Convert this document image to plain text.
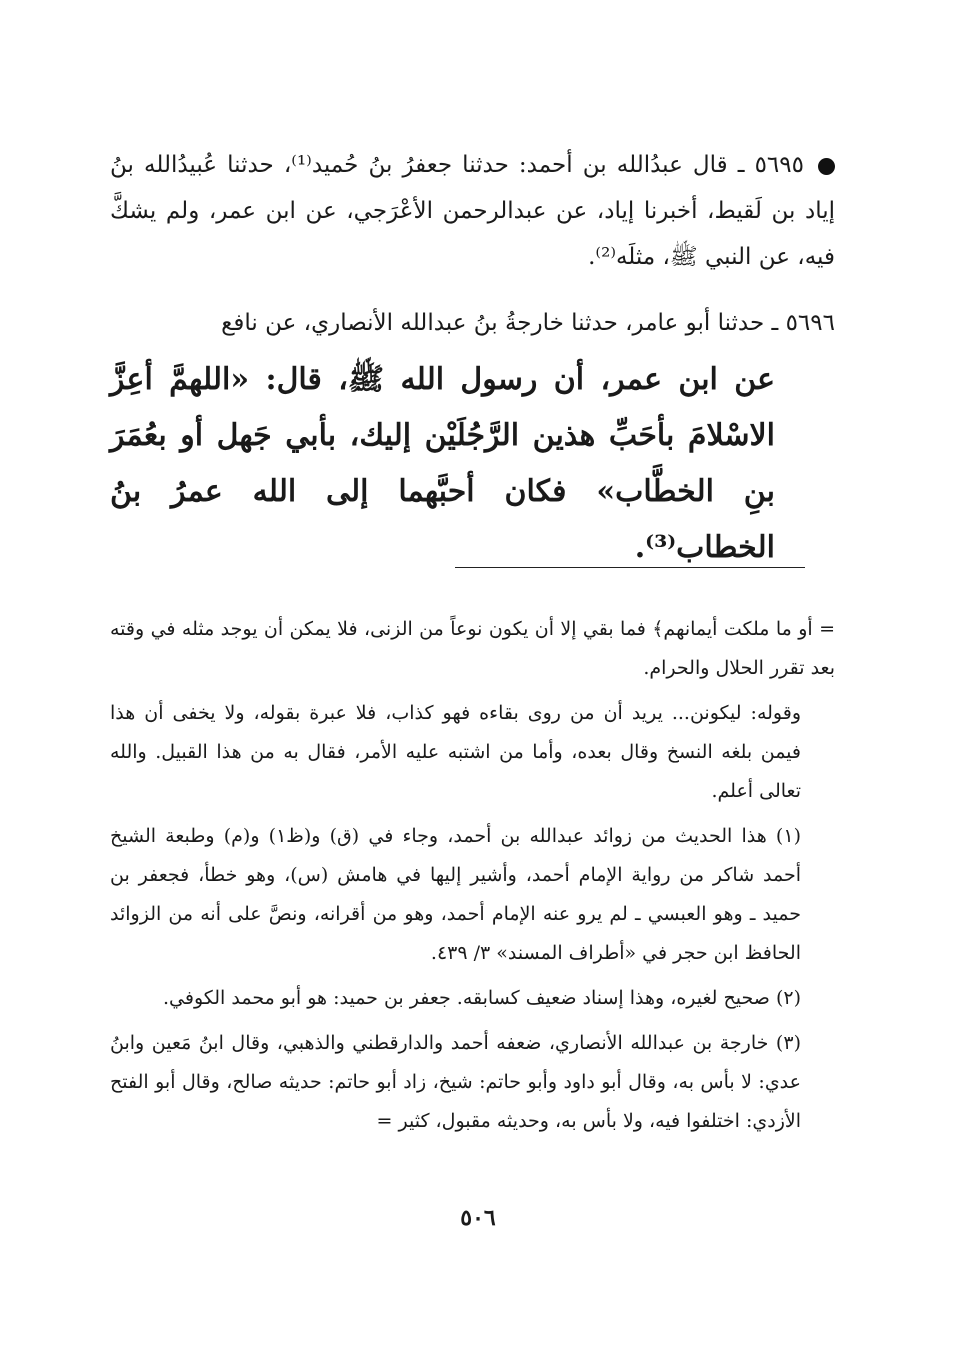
٥٦٩٥ ـ قال عبدُالله بن أحمد: حدثنا جعفرُ بنُ حُميد⁽¹⁾، حدثنا عُبيدُالله بنُ إياد بن لَقيط، أخبرنا إياد، عن عبدالرحمن الأعْرَجي، عن ابن عمر، ولم يشكَّ فيه، عن النبي ﷺ، مثلَه⁽²⁾.
٥٦٩٦ ـ حدثنا أبو عامر، حدثنا خارجةُ بنُ عبدالله الأنصاري، عن نافع
عن ابن عمر، أن رسول الله ﷺ، قال: «اللهمَّ أعِزَّ الاسْلامَ بأحَبِّ هذين الرَّجُلَيْن إليك، بأبي جَهل أو بعُمَرَ بنِ الخطَّاب» فكان أحبَّهما إلى الله عمرُ بنُ الخطاب⁽³⁾.

= أو ما ملكت أيمانهم﴾ فما بقي إلا أن يكون نوعاً من الزنى، فلا يمكن أن يوجد مثله في وقته بعد تقرر الحلال والحرام.

وقوله: ليكونن... يريد أن من روى بقاءه فهو كذاب، فلا عبرة بقوله، ولا يخفى أن هذا فيمن بلغه النسخ وقال بعده، وأما من اشتبه عليه الأمر، فقال به من هذا القبيل. والله تعالى أعلم.

(١) هذا الحديث من زوائد عبدالله بن أحمد، وجاء في (ق) و(ظ١) و(م) وطبعة الشيخ أحمد شاكر من رواية الإمام أحمد، وأشير إليها في هامش (س)، وهو خطأ، فجعفر بن حميد ـ وهو العبسي ـ لم يرو عنه الإمام أحمد، وهو من أقرانه، ونصَّ على أنه من الزوائد الحافظ ابن حجر في «أطراف المسند» ٣/ ٤٣٩.

(٢) صحيح لغيره، وهذا إسناد ضعيف كسابقه. جعفر بن حميد: هو أبو محمد الكوفي.

(٣) خارجة بن عبدالله الأنصاري، ضعفه أحمد والدارقطني والذهبي، وقال ابنُ مَعين وابنُ عدي: لا بأس به، وقال أبو داود وأبو حاتم: شيخ، زاد أبو حاتم: حديثه صالح، وقال أبو الفتح الأزدي: اختلفوا فيه، ولا بأس به، وحديثه مقبول، كثير =

٥٠٦
